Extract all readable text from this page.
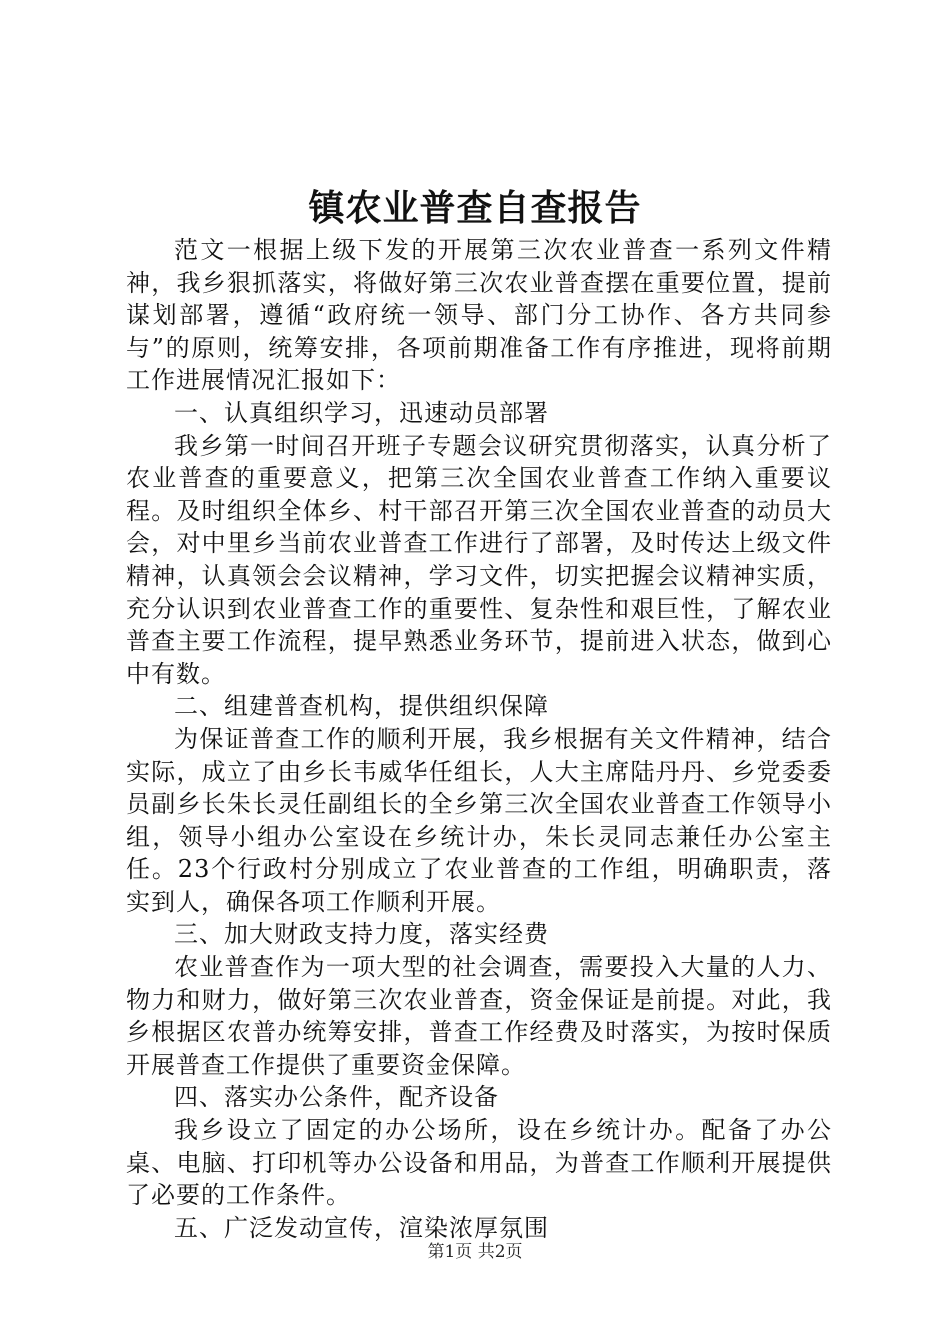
镇农业普查自查报告

范文一根据上级下发的开展第三次农业普查一系列文件精神，我乡狠抓落实，将做好第三次农业普查摆在重要位置，提前谋划部署，遵循“政府统一领导、部门分工协作、各方共同参与”的原则，统筹安排，各项前期准备工作有序推进，现将前期工作进展情况汇报如下：

一、认真组织学习，迅速动员部署

我乡第一时间召开班子专题会议研究贯彻落实，认真分析了农业普查的重要意义，把第三次全国农业普查工作纳入重要议程。及时组织全体乡、村干部召开第三次全国农业普查的动员大会，对中里乡当前农业普查工作进行了部署，及时传达上级文件精神，认真领会会议精神，学习文件，切实把握会议精神实质，充分认识到农业普查工作的重要性、复杂性和艰巨性，了解农业普查主要工作流程，提早熟悉业务环节，提前进入状态，做到心中有数。

二、组建普查机构，提供组织保障

为保证普查工作的顺利开展，我乡根据有关文件精神，结合实际，成立了由乡长韦威华任组长，人大主席陆丹丹、乡党委委员副乡长朱长灵任副组长的全乡第三次全国农业普查工作领导小组，领导小组办公室设在乡统计办，朱长灵同志兼任办公室主任。23个行政村分别成立了农业普查的工作组，明确职责，落实到人，确保各项工作顺利开展。

三、加大财政支持力度，落实经费

农业普查作为一项大型的社会调查，需要投入大量的人力、物力和财力，做好第三次农业普查，资金保证是前提。对此，我乡根据区农普办统筹安排，普查工作经费及时落实，为按时保质开展普查工作提供了重要资金保障。

四、落实办公条件，配齐设备

我乡设立了固定的办公场所，设在乡统计办。配备了办公桌、电脑、打印机等办公设备和用品，为普查工作顺利开展提供了必要的工作条件。

五、广泛发动宣传，渲染浓厚氛围

第1页 共2页
